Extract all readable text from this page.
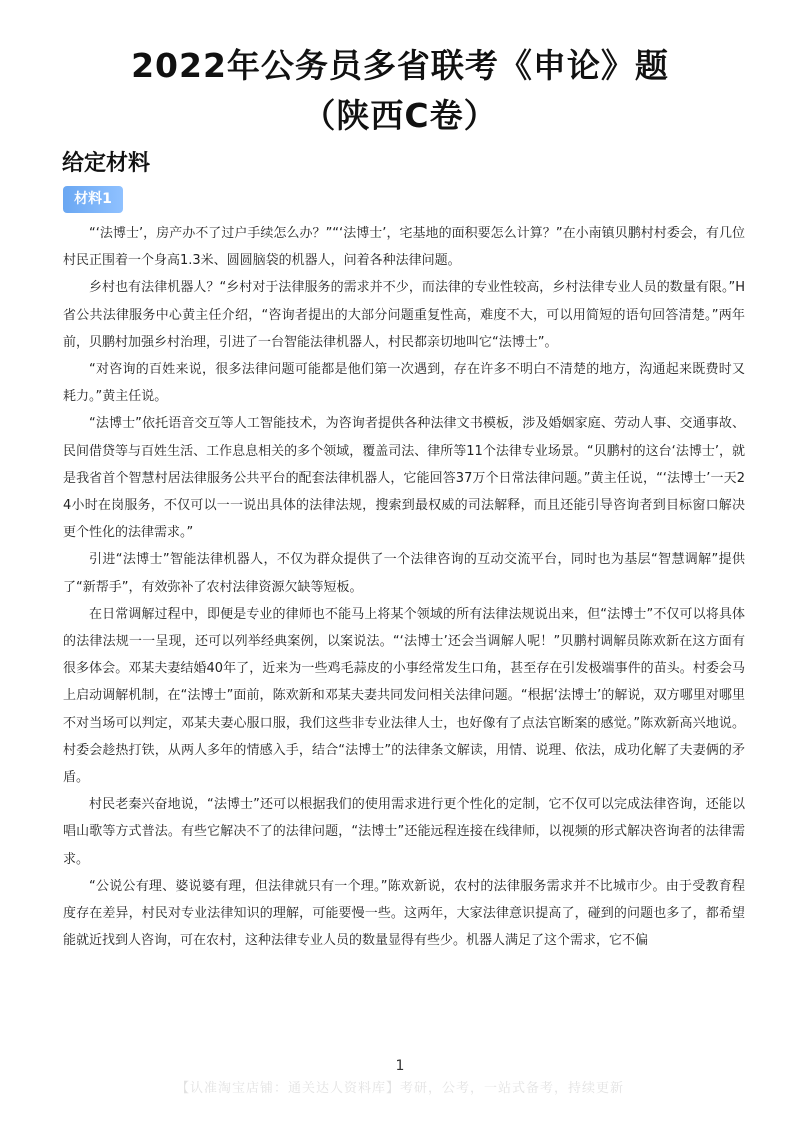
2022年公务员多省联考《申论》题
（陕西C卷）
给定材料
材料1

“‘法博士’，房产办不了过户手续怎么办？”“‘法博士’，宅基地的面积要怎么计算？”在小南镇贝鹏村村委会，有几位村民正围着一个身高1.3米、圆圆脑袋的机器人，问着各种法律问题。

乡村也有法律机器人？“乡村对于法律服务的需求并不少，而法律的专业性较高，乡村法律专业人员的数量有限。”H省公共法律服务中心黄主任介绍，“咨询者提出的大部分问题重复性高，难度不大，可以用简短的语句回答清楚。”两年前，贝鹏村加强乡村治理，引进了一台智能法律机器人，村民都亲切地叫它“法博士”。

“对咨询的百姓来说，很多法律问题可能都是他们第一次遇到，存在许多不明白不清楚的地方，沟通起来既费时又耗力。”黄主任说。

“法博士”依托语音交互等人工智能技术，为咨询者提供各种法律文书模板，涉及婚姻家庭、劳动人事、交通事故、民间借贷等与百姓生活、工作息息相关的多个领域，覆盖司法、律所等11个法律专业场景。“贝鹏村的这台‘法博士’，就是我省首个智慧村居法律服务公共平台的配套法律机器人，它能回答37万个日常法律问题。”黄主任说，“‘法博士’一天24小时在岗服务，不仅可以一一说出具体的法律法规，搜索到最权威的司法解释，而且还能引导咨询者到目标窗口解决更个性化的法律需求。”

引进“法博士”智能法律机器人，不仅为群众提供了一个法律咨询的互动交流平台，同时也为基层“智慧调解”提供了“新帮手”，有效弥补了农村法律资源欠缺等短板。

在日常调解过程中，即便是专业的律师也不能马上将某个领域的所有法律法规说出来，但“法博士”不仅可以将具体的法律法规一一呈现，还可以列举经典案例，以案说法。“‘法博士’还会当调解人呢！”贝鹏村调解员陈欢新在这方面有很多体会。邓某夫妻结婚40年了，近来为一些鸡毛蒜皮的小事经常发生口角，甚至存在引发极端事件的苗头。村委会马上启动调解机制，在“法博士”面前，陈欢新和邓某夫妻共同发问相关法律问题。“根据‘法博士’的解说，双方哪里对哪里不对当场可以判定，邓某夫妻心服口服，我们这些非专业法律人士，也好像有了点法官断案的感觉。”陈欢新高兴地说。村委会趁热打铁，从两人多年的情感入手，结合“法博士”的法律条文解读，用情、说理、依法，成功化解了夫妻俩的矛盾。

村民老秦兴奋地说，“法博士”还可以根据我们的使用需求进行更个性化的定制，它不仅可以完成法律咨询，还能以唱山歌等方式普法。有些它解决不了的法律问题，“法博士”还能远程连接在线律师，以视频的形式解决咨询者的法律需求。

“公说公有理、婆说婆有理，但法律就只有一个理。”陈欢新说，农村的法律服务需求并不比城市少。由于受教育程度存在差异，村民对专业法律知识的理解，可能要慢一些。这两年，大家法律意识提高了，碰到的问题也多了，都希望能就近找到人咨询，可在农村，这种法律专业人员的数量显得有些少。机器人满足了这个需求，它不偏

1
【认准淘宝店铺：通关达人资料库】考研，公考，一站式备考，持续更新
